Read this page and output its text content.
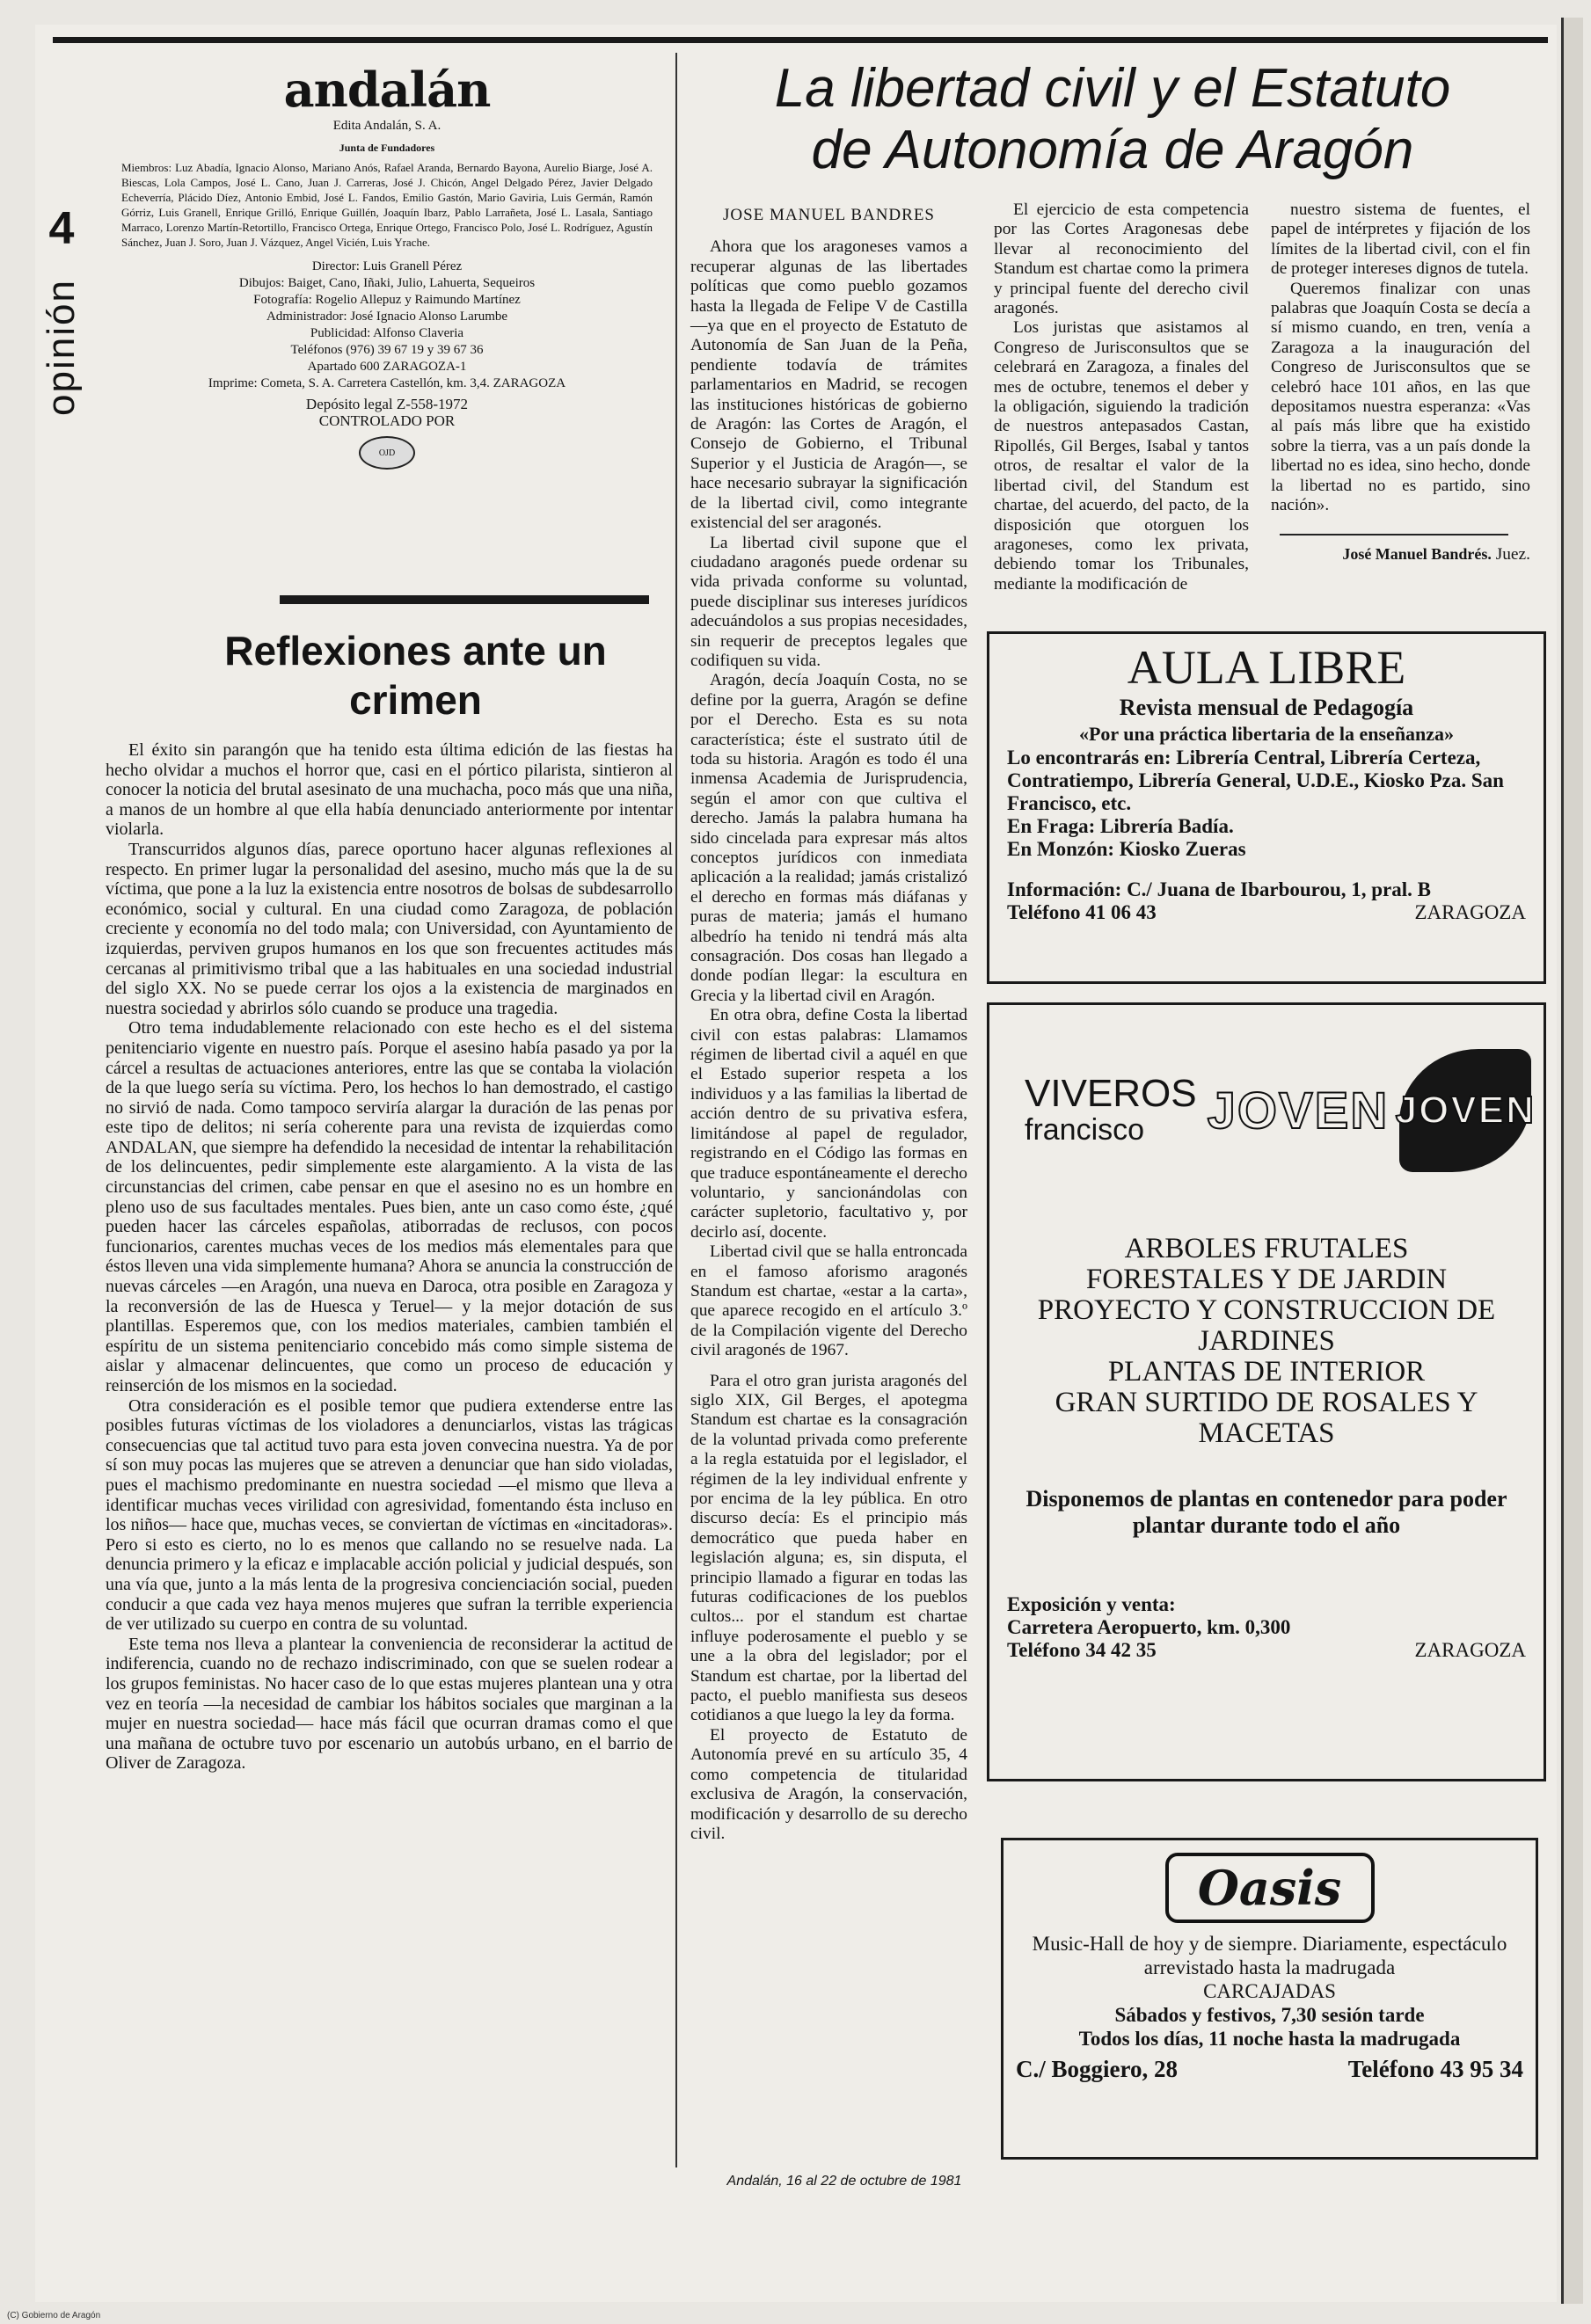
4
opinión
andalán
Edita Andalán, S. A.
Junta de Fundadores
Miembros: Luz Abadía, Ignacio Alonso, Mariano Anós, Rafael Aranda, Bernardo Bayona, Aurelio Biarge, José A. Biescas, Lola Campos, José L. Cano, Juan J. Carreras, José J. Chicón, Angel Delgado Pérez, Javier Delgado Echeverría, Plácido Díez, Antonio Embid, José L. Fandos, Emilio Gastón, Mario Gaviria, Luis Germán, Ramón Górriz, Luis Granell, Enrique Grilló, Enrique Guillén, Joaquín Ibarz, Pablo Larrañeta, José L. Lasala, Santiago Marraco, Lorenzo Martín-Retortillo, Francisco Ortega, Enrique Ortego, Francisco Polo, José L. Rodríguez, Agustín Sánchez, Juan J. Soro, Juan J. Vázquez, Angel Vicién, Luis Yrache.
Director: Luis Granell Pérez
Dibujos: Baiget, Cano, Iñaki, Julio, Lahuerta, Sequeiros
Fotografía: Rogelio Allepuz y Raimundo Martínez
Administrador: José Ignacio Alonso Larumbe
Publicidad: Alfonso Claveria
Teléfonos (976) 39 67 19 y 39 67 36
Apartado 600 ZARAGOZA-1
Imprime: Cometa, S. A. Carretera Castellón, km. 3,4. ZARAGOZA
Depósito legal Z-558-1972
CONTROLADO POR
OJD
Reflexiones ante un crimen

El éxito sin parangón que ha tenido esta última edición de las fiestas ha hecho olvidar a muchos el horror que, casi en el pórtico pilarista, sintieron al conocer la noticia del brutal asesinato de una muchacha, poco más que una niña, a manos de un hombre al que ella había denunciado anteriormente por intentar violarla.

Transcurridos algunos días, parece oportuno hacer algunas reflexiones al respecto. En primer lugar la personalidad del asesino, mucho más que la de su víctima, que pone a la luz la existencia entre nosotros de bolsas de subdesarrollo económico, social y cultural. En una ciudad como Zaragoza, de población creciente y economía no del todo mala; con Universidad, con Ayuntamiento de izquierdas, perviven grupos humanos en los que son frecuentes actitudes más cercanas al primitivismo tribal que a las habituales en una sociedad industrial del siglo XX. No se puede cerrar los ojos a la existencia de marginados en nuestra sociedad y abrirlos sólo cuando se produce una tragedia.

Otro tema indudablemente relacionado con este hecho es el del sistema penitenciario vigente en nuestro país. Porque el asesino había pasado ya por la cárcel a resultas de actuaciones anteriores, entre las que se contaba la violación de la que luego sería su víctima. Pero, los hechos lo han demostrado, el castigo no sirvió de nada. Como tampoco serviría alargar la duración de las penas por este tipo de delitos; ni sería coherente para una revista de izquierdas como ANDALAN, que siempre ha defendido la necesidad de intentar la rehabilitación de los delincuentes, pedir simplemente este alargamiento. A la vista de las circunstancias del crimen, cabe pensar en que el asesino no es un hombre en pleno uso de sus facultades mentales. Pues bien, ante un caso como éste, ¿qué pueden hacer las cárceles españolas, atiborradas de reclusos, con pocos funcionarios, carentes muchas veces de los medios más elementales para que éstos lleven una vida simplemente humana? Ahora se anuncia la construcción de nuevas cárceles —en Aragón, una nueva en Daroca, otra posible en Zaragoza y la reconversión de las de Huesca y Teruel— y la mejor dotación de sus plantillas. Esperemos que, con los medios materiales, cambien también el espíritu de un sistema penitenciario concebido más como simple sistema de aislar y almacenar delincuentes, que como un proceso de educación y reinserción de los mismos en la sociedad.

Otra consideración es el posible temor que pudiera extenderse entre las posibles futuras víctimas de los violadores a denunciarlos, vistas las trágicas consecuencias que tal actitud tuvo para esta joven convecina nuestra. Ya de por sí son muy pocas las mujeres que se atreven a denunciar que han sido violadas, pues el machismo predominante en nuestra sociedad —el mismo que lleva a identificar muchas veces virilidad con agresividad, fomentando ésta incluso en los niños— hace que, muchas veces, se conviertan de víctimas en «incitadoras». Pero si esto es cierto, no lo es menos que callando no se resuelve nada. La denuncia primero y la eficaz e implacable acción policial y judicial después, son una vía que, junto a la más lenta de la progresiva concienciación social, pueden conducir a que cada vez haya menos mujeres que sufran la terrible experiencia de ver utilizado su cuerpo en contra de su voluntad.

Este tema nos lleva a plantear la conveniencia de reconsiderar la actitud de indiferencia, cuando no de rechazo indiscriminado, con que se suelen rodear a los grupos feministas. No hacer caso de lo que estas mujeres plantean una y otra vez en teoría —la necesidad de cambiar los hábitos sociales que marginan a la mujer en nuestra sociedad— hace más fácil que ocurran dramas como el que una mañana de octubre tuvo por escenario un autobús urbano, en el barrio de Oliver de Zaragoza.

La libertad civil y el Estatuto
de Autonomía de Aragón
JOSE MANUEL BANDRES

Ahora que los aragoneses vamos a recuperar algunas de las libertades políticas que como pueblo gozamos hasta la llegada de Felipe V de Castilla —ya que en el proyecto de Estatuto de Autonomía de San Juan de la Peña, pendiente todavía de trámites parlamentarios en Madrid, se recogen las instituciones históricas de gobierno de Aragón: las Cortes de Aragón, el Consejo de Gobierno, el Tribunal Superior y el Justicia de Aragón—, se hace necesario subrayar la significación de la libertad civil, como integrante existencial del ser aragonés.

La libertad civil supone que el ciudadano aragonés puede ordenar su vida privada conforme su voluntad, puede disciplinar sus intereses jurídicos adecuándolos a sus propias necesidades, sin requerir de preceptos legales que codifiquen su vida.

Aragón, decía Joaquín Costa, no se define por la guerra, Aragón se define por el Derecho. Esta es su nota característica; éste el sustrato útil de toda su historia. Aragón es todo él una inmensa Academia de Jurisprudencia, según el amor con que cultiva el derecho. Jamás la palabra humana ha sido cincelada para expresar más altos conceptos jurídicos con inmediata aplicación a la realidad; jamás cristalizó el derecho en formas más diáfanas y puras de materia; jamás el humano albedrío ha tenido ni tendrá más alta consagración. Dos cosas han llegado a donde podían llegar: la escultura en Grecia y la libertad civil en Aragón.

En otra obra, define Costa la libertad civil con estas palabras: Llamamos régimen de libertad civil a aquél en que el Estado superior respeta a los individuos y a las familias la libertad de acción dentro de su privativa esfera, limitándose al papel de regulador, registrando en el Código las formas en que traduce espontáneamente el derecho voluntario, y sancionándolas con carácter supletorio, facultativo y, por decirlo así, docente.

Libertad civil que se halla entroncada en el famoso aforismo aragonés Standum est chartae, «estar a la carta», que aparece recogido en el artículo 3.º de la Compilación vigente del Derecho civil aragonés de 1967.

Para el otro gran jurista aragonés del siglo XIX, Gil Berges, el apotegma Standum est chartae es la consagración de la voluntad privada como preferente a la regla estatuida por el legislador, el régimen de la ley individual enfrente y por encima de la ley pública. En otro discurso decía: Es el principio más democrático que pueda haber en legislación alguna; es, sin disputa, el principio llamado a figurar en todas las futuras codificaciones de los pueblos cultos... por el standum est chartae influye poderosamente el pueblo y se une a la obra del legislador; por el Standum est chartae, por la libertad del pacto, el pueblo manifiesta sus deseos cotidianos a que luego la ley da forma.

El proyecto de Estatuto de Autonomía prevé en su artículo 35, 4 como competencia de titularidad exclusiva de Aragón, la conservación, modificación y desarrollo de su derecho civil.

El ejercicio de esta competencia por las Cortes Aragonesas debe llevar al reconocimiento del Standum est chartae como la primera y principal fuente del derecho civil aragonés.

Los juristas que asistamos al Congreso de Jurisconsultos que se celebrará en Zaragoza, a finales del mes de octubre, tenemos el deber y la obligación, siguiendo la tradición de nuestros antepasados Castan, Ripollés, Gil Berges, Isabal y tantos otros, de resaltar el valor de la libertad civil, del Standum est chartae, del acuerdo, del pacto, de la disposición que otorguen los aragoneses, como lex privata, debiendo tomar los Tribunales, mediante la modificación de

nuestro sistema de fuentes, el papel de intérpretes y fijación de los límites de la libertad civil, con el fin de proteger intereses dignos de tutela.

Queremos finalizar con unas palabras que Joaquín Costa se decía a sí mismo cuando, en tren, venía a Zaragoza a la inauguración del Congreso de Jurisconsultos que se celebró hace 101 años, en las que depositamos nuestra esperanza: «Vas al país más libre que ha existido sobre la tierra, vas a un país donde la libertad no es idea, sino hecho, donde la libertad no es partido, sino nación».

José Manuel Bandrés. Juez.
AULA LIBRE
Revista mensual de Pedagogía
«Por una práctica libertaria de la enseñanza»
Lo encontrarás en: Librería Central, Librería Certeza, Contratiempo, Librería General, U.D.E., Kiosko Pza. San Francisco, etc.
En Fraga: Librería Badía.
En Monzón: Kiosko Zueras
Información: C./ Juana de Ibarbourou, 1, pral. B
Teléfono 41 06 43	ZARAGOZA
VIVEROS
francisco	JOVEN JOVEN
ARBOLES FRUTALES
FORESTALES Y DE JARDIN
PROYECTO Y CONSTRUCCION DE JARDINES
PLANTAS DE INTERIOR
GRAN SURTIDO DE ROSALES Y MACETAS
Disponemos de plantas en contenedor para poder plantar durante todo el año
Exposición y venta:
Carretera Aeropuerto, km. 0,300
Teléfono 34 42 35	ZARAGOZA
Oasis
Music-Hall de hoy y de siempre. Diariamente, espectáculo arrevistado hasta la madrugada
CARCAJADAS
Sábados y festivos, 7,30 sesión tarde
Todos los días, 11 noche hasta la madrugada
C./ Boggiero, 28	Teléfono 43 95 34
Andalán, 16 al 22 de octubre de 1981
(C) Gobierno de Aragón
